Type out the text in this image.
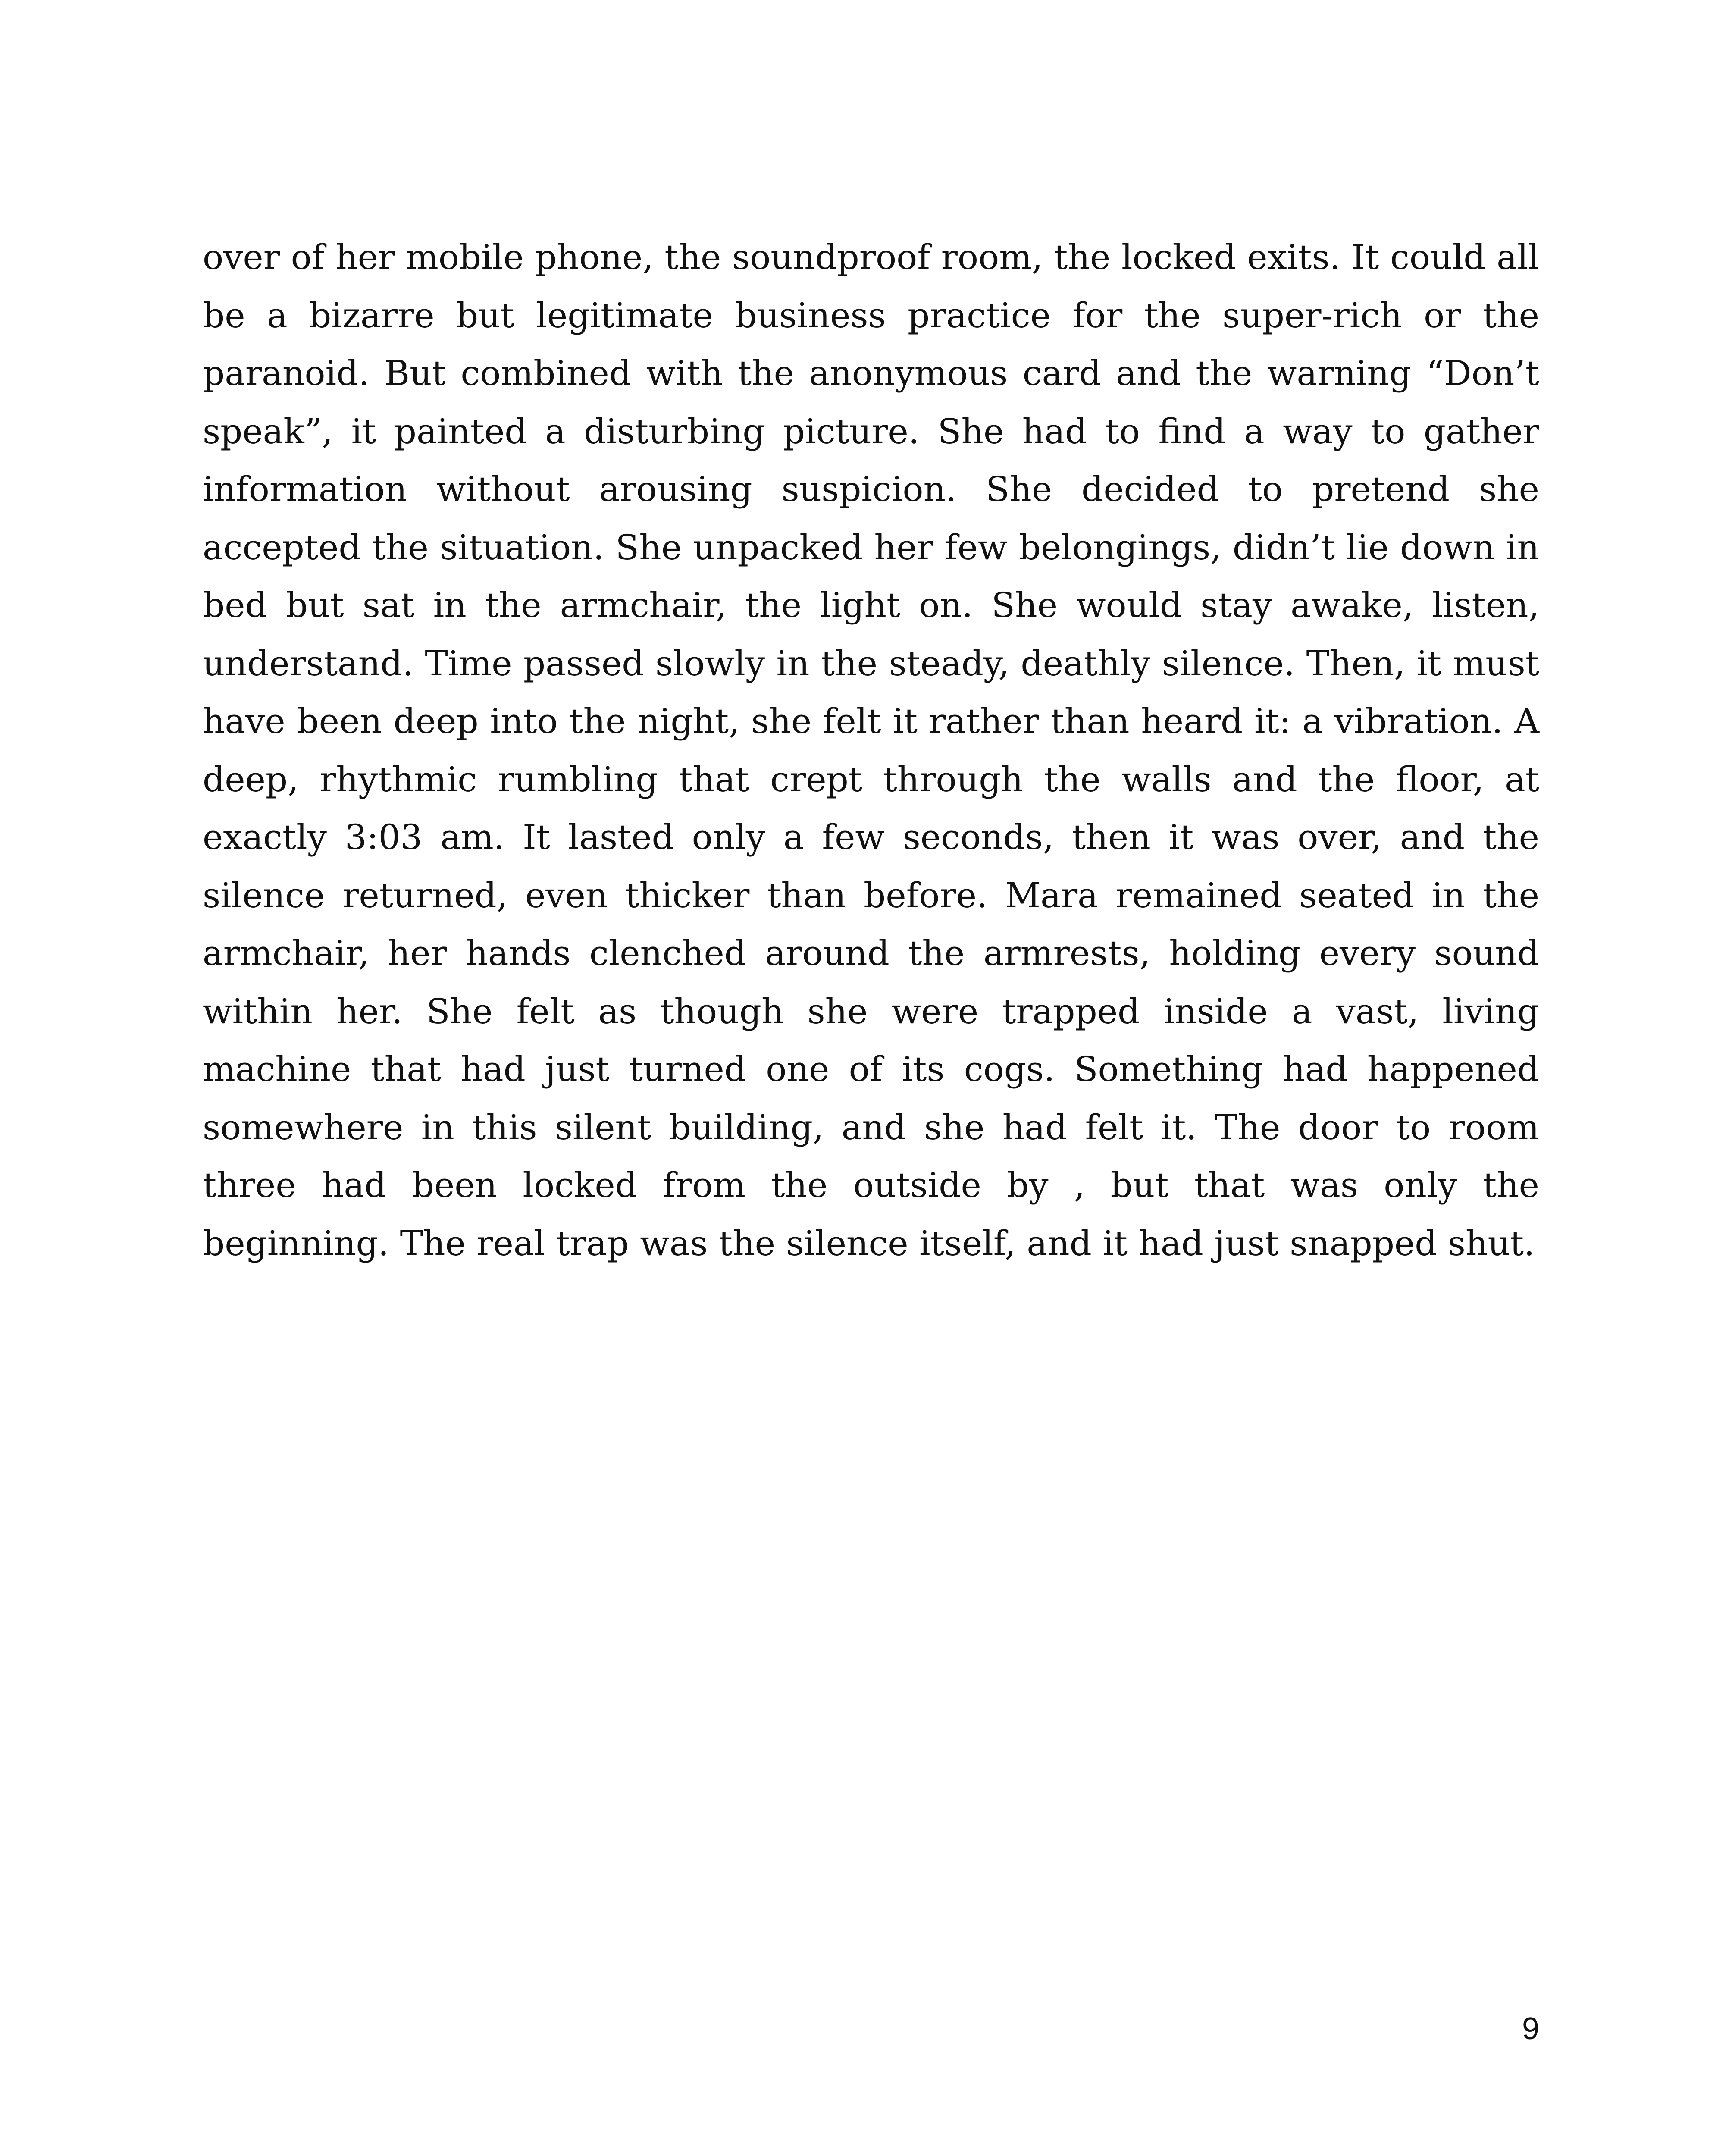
over of her mobile phone, the soundproof room, the locked exits. It could all be a bizarre but legitimate business practice for the super-rich or the paranoid. But combined with the anonymous card and the warning “Don’t speak”, it painted a disturbing picture. She had to find a way to gather information without arousing suspicion. She decided to pretend she accepted the situation. She unpacked her few belongings, didn’t lie down in bed but sat in the armchair, the light on. She would stay awake, listen, understand. Time passed slowly in the steady, deathly silence. Then, it must have been deep into the night, she felt it rather than heard it: a vibration. A deep, rhythmic rumbling that crept through the walls and the floor, at exactly 3:03 am. It lasted only a few seconds, then it was over, and the silence returned, even thicker than before. Mara remained seated in the armchair, her hands clenched around the armrests, holding every sound within her. She felt as though she were trapped inside a vast, living machine that had just turned one of its cogs. Something had happened somewhere in this silent building, and she had felt it. The door to room three had been locked from the outside by , but that was only the beginning. The real trap was the silence itself, and it had just snapped shut.

9
